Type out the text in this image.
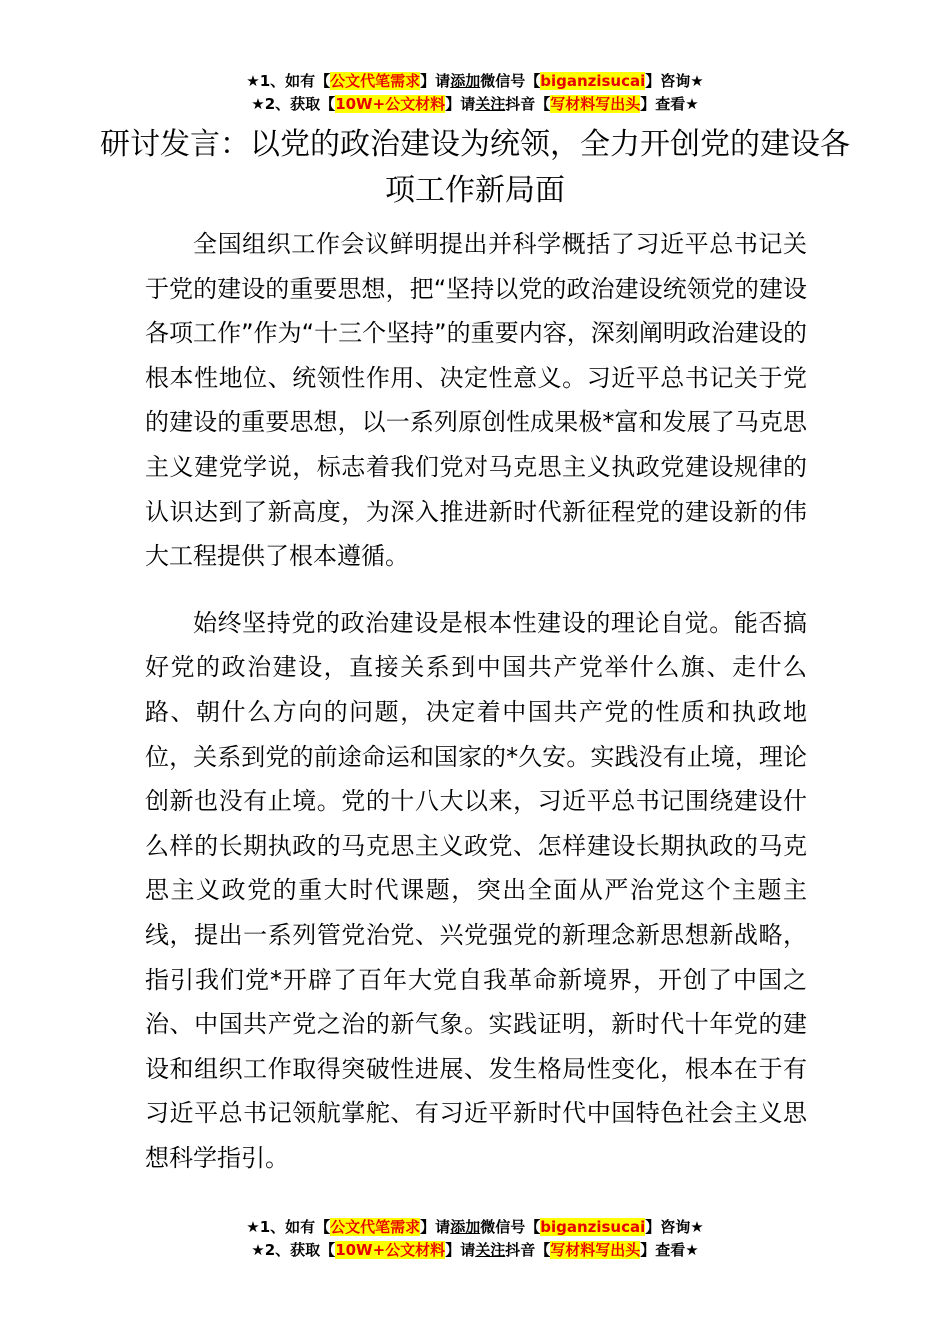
★1、如有【公文代笔需求】请添加微信号【biganzisucai】咨询★
★2、获取【10W+公文材料】请关注抖音【写材料写出头】查看★
研讨发言：以党的政治建设为统领，全力开创党的建设各项工作新局面

全国组织工作会议鲜明提出并科学概括了习近平总书记关于党的建设的重要思想，把“坚持以党的政治建设统领党的建设各项工作”作为“十三个坚持”的重要内容，深刻阐明政治建设的根本性地位、统领性作用、决定性意义。习近平总书记关于党的建设的重要思想，以一系列原创性成果极*富和发展了马克思主义建党学说，标志着我们党对马克思主义执政党建设规律的认识达到了新高度，为深入推进新时代新征程党的建设新的伟大工程提供了根本遵循。

始终坚持党的政治建设是根本性建设的理论自觉。能否搞好党的政治建设，直接关系到中国共产党举什么旗、走什么路、朝什么方向的问题，决定着中国共产党的性质和执政地位，关系到党的前途命运和国家的*久安。实践没有止境，理论创新也没有止境。党的十八大以来，习近平总书记围绕建设什么样的长期执政的马克思主义政党、怎样建设长期执政的马克思主义政党的重大时代课题，突出全面从严治党这个主题主线，提出一系列管党治党、兴党强党的新理念新思想新战略，指引我们党*开辟了百年大党自我革命新境界，开创了中国之治、中国共产党之治的新气象。实践证明，新时代十年党的建设和组织工作取得突破性进展、发生格局性变化，根本在于有习近平总书记领航掌舵、有习近平新时代中国特色社会主义思想科学指引。

★1、如有【公文代笔需求】请添加微信号【biganzisucai】咨询★
★2、获取【10W+公文材料】请关注抖音【写材料写出头】查看★
